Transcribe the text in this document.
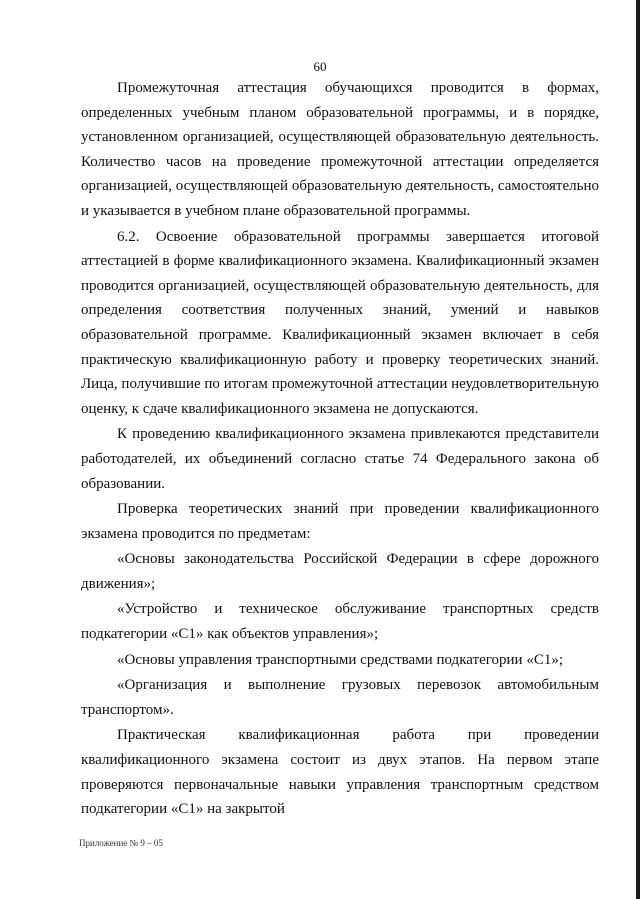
60

Промежуточная аттестация обучающихся проводится в формах, определенных учебным планом образовательной программы, и в порядке, установленном организацией, осуществляющей образовательную деятельность. Количество часов на проведение промежуточной аттестации определяется организацией, осуществляющей образовательную деятельность, самостоятельно и указывается в учебном плане образовательной программы.

6.2. Освоение образовательной программы завершается итоговой аттестацией в форме квалификационного экзамена. Квалификационный экзамен проводится организацией, осуществляющей образовательную деятельность, для определения соответствия полученных знаний, умений и навыков образовательной программе. Квалификационный экзамен включает в себя практическую квалификационную работу и проверку теоретических знаний. Лица, получившие по итогам промежуточной аттестации неудовлетворительную оценку, к сдаче квалификационного экзамена не допускаются.

К проведению квалификационного экзамена привлекаются представители работодателей, их объединений согласно статье 74 Федерального закона об образовании.

Проверка теоретических знаний при проведении квалификационного экзамена проводится по предметам:

«Основы законодательства Российской Федерации в сфере дорожного движения»;

«Устройство и техническое обслуживание транспортных средств подкатегории «С1» как объектов управления»;

«Основы управления транспортными средствами подкатегории «С1»;

«Организация и выполнение грузовых перевозок автомобильным транспортом».

Практическая квалификационная работа при проведении квалификационного экзамена состоит из двух этапов. На первом этапе проверяются первоначальные навыки управления транспортным средством подкатегории «С1» на закрытой

Приложение № 9 – 05
